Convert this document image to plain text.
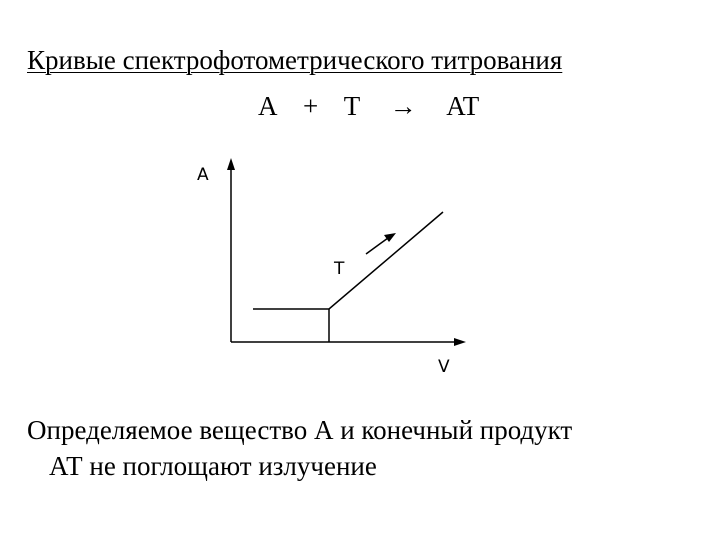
Кривые спектрофотометрического титрования
A + T → AT
A
V
T
Определяемое вещество А и конечный продукт
АТ не поглощают излучение
